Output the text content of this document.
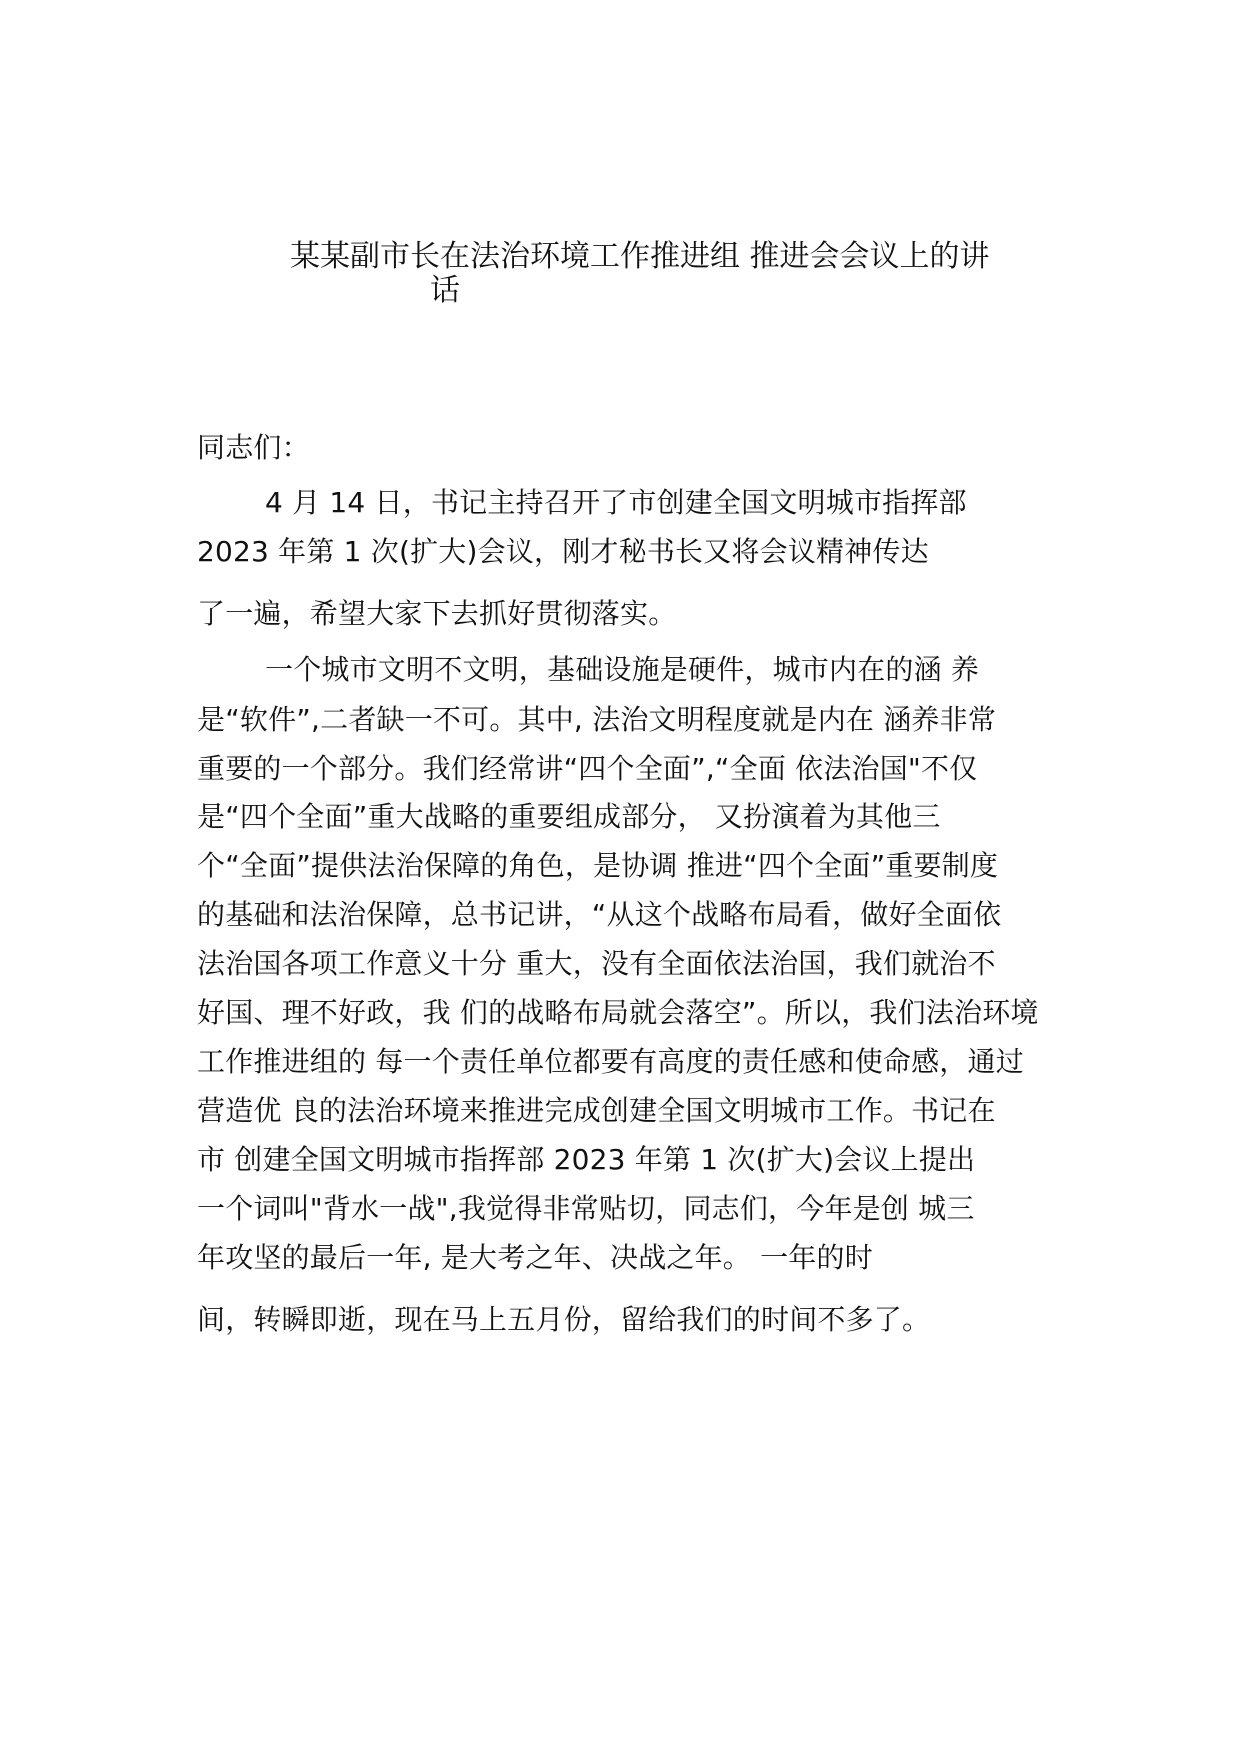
某某副市长在法治环境工作推进组 推进会会议上的讲
话
同志们：
4 月 14 日，书记主持召开了市创建全国文明城市指挥部
2023 年第 1 次(扩大)会议，刚才秘书长又将会议精神传达
了一遍，希望大家下去抓好贯彻落实。
一个城市文明不文明，基础设施是硬件，城市内在的涵 养
是“软件”,二者缺一不可。其中, 法治文明程度就是内在 涵养非常
重要的一个部分。我们经常讲“四个全面”,“全面 依法治国"不仅
是“四个全面”重大战略的重要组成部分， 又扮演着为其他三
个“全面”提供法治保障的角色，是协调 推进“四个全面”重要制度
的基础和法治保障，总书记讲，“从这个战略布局看，做好全面依
法治国各项工作意义十分 重大，没有全面依法治国，我们就治不
好国、理不好政，我 们的战略布局就会落空”。所以，我们法治环境
工作推进组的 每一个责任单位都要有高度的责任感和使命感，通过
营造优 良的法治环境来推进完成创建全国文明城市工作。书记在
市 创建全国文明城市指挥部 2023 年第 1 次(扩大)会议上提出
一个词叫"背水一战",我觉得非常贴切，同志们，今年是创 城三
年攻坚的最后一年, 是大考之年、决战之年。 一年的时
间，转瞬即逝，现在马上五月份，留给我们的时间不多了。
